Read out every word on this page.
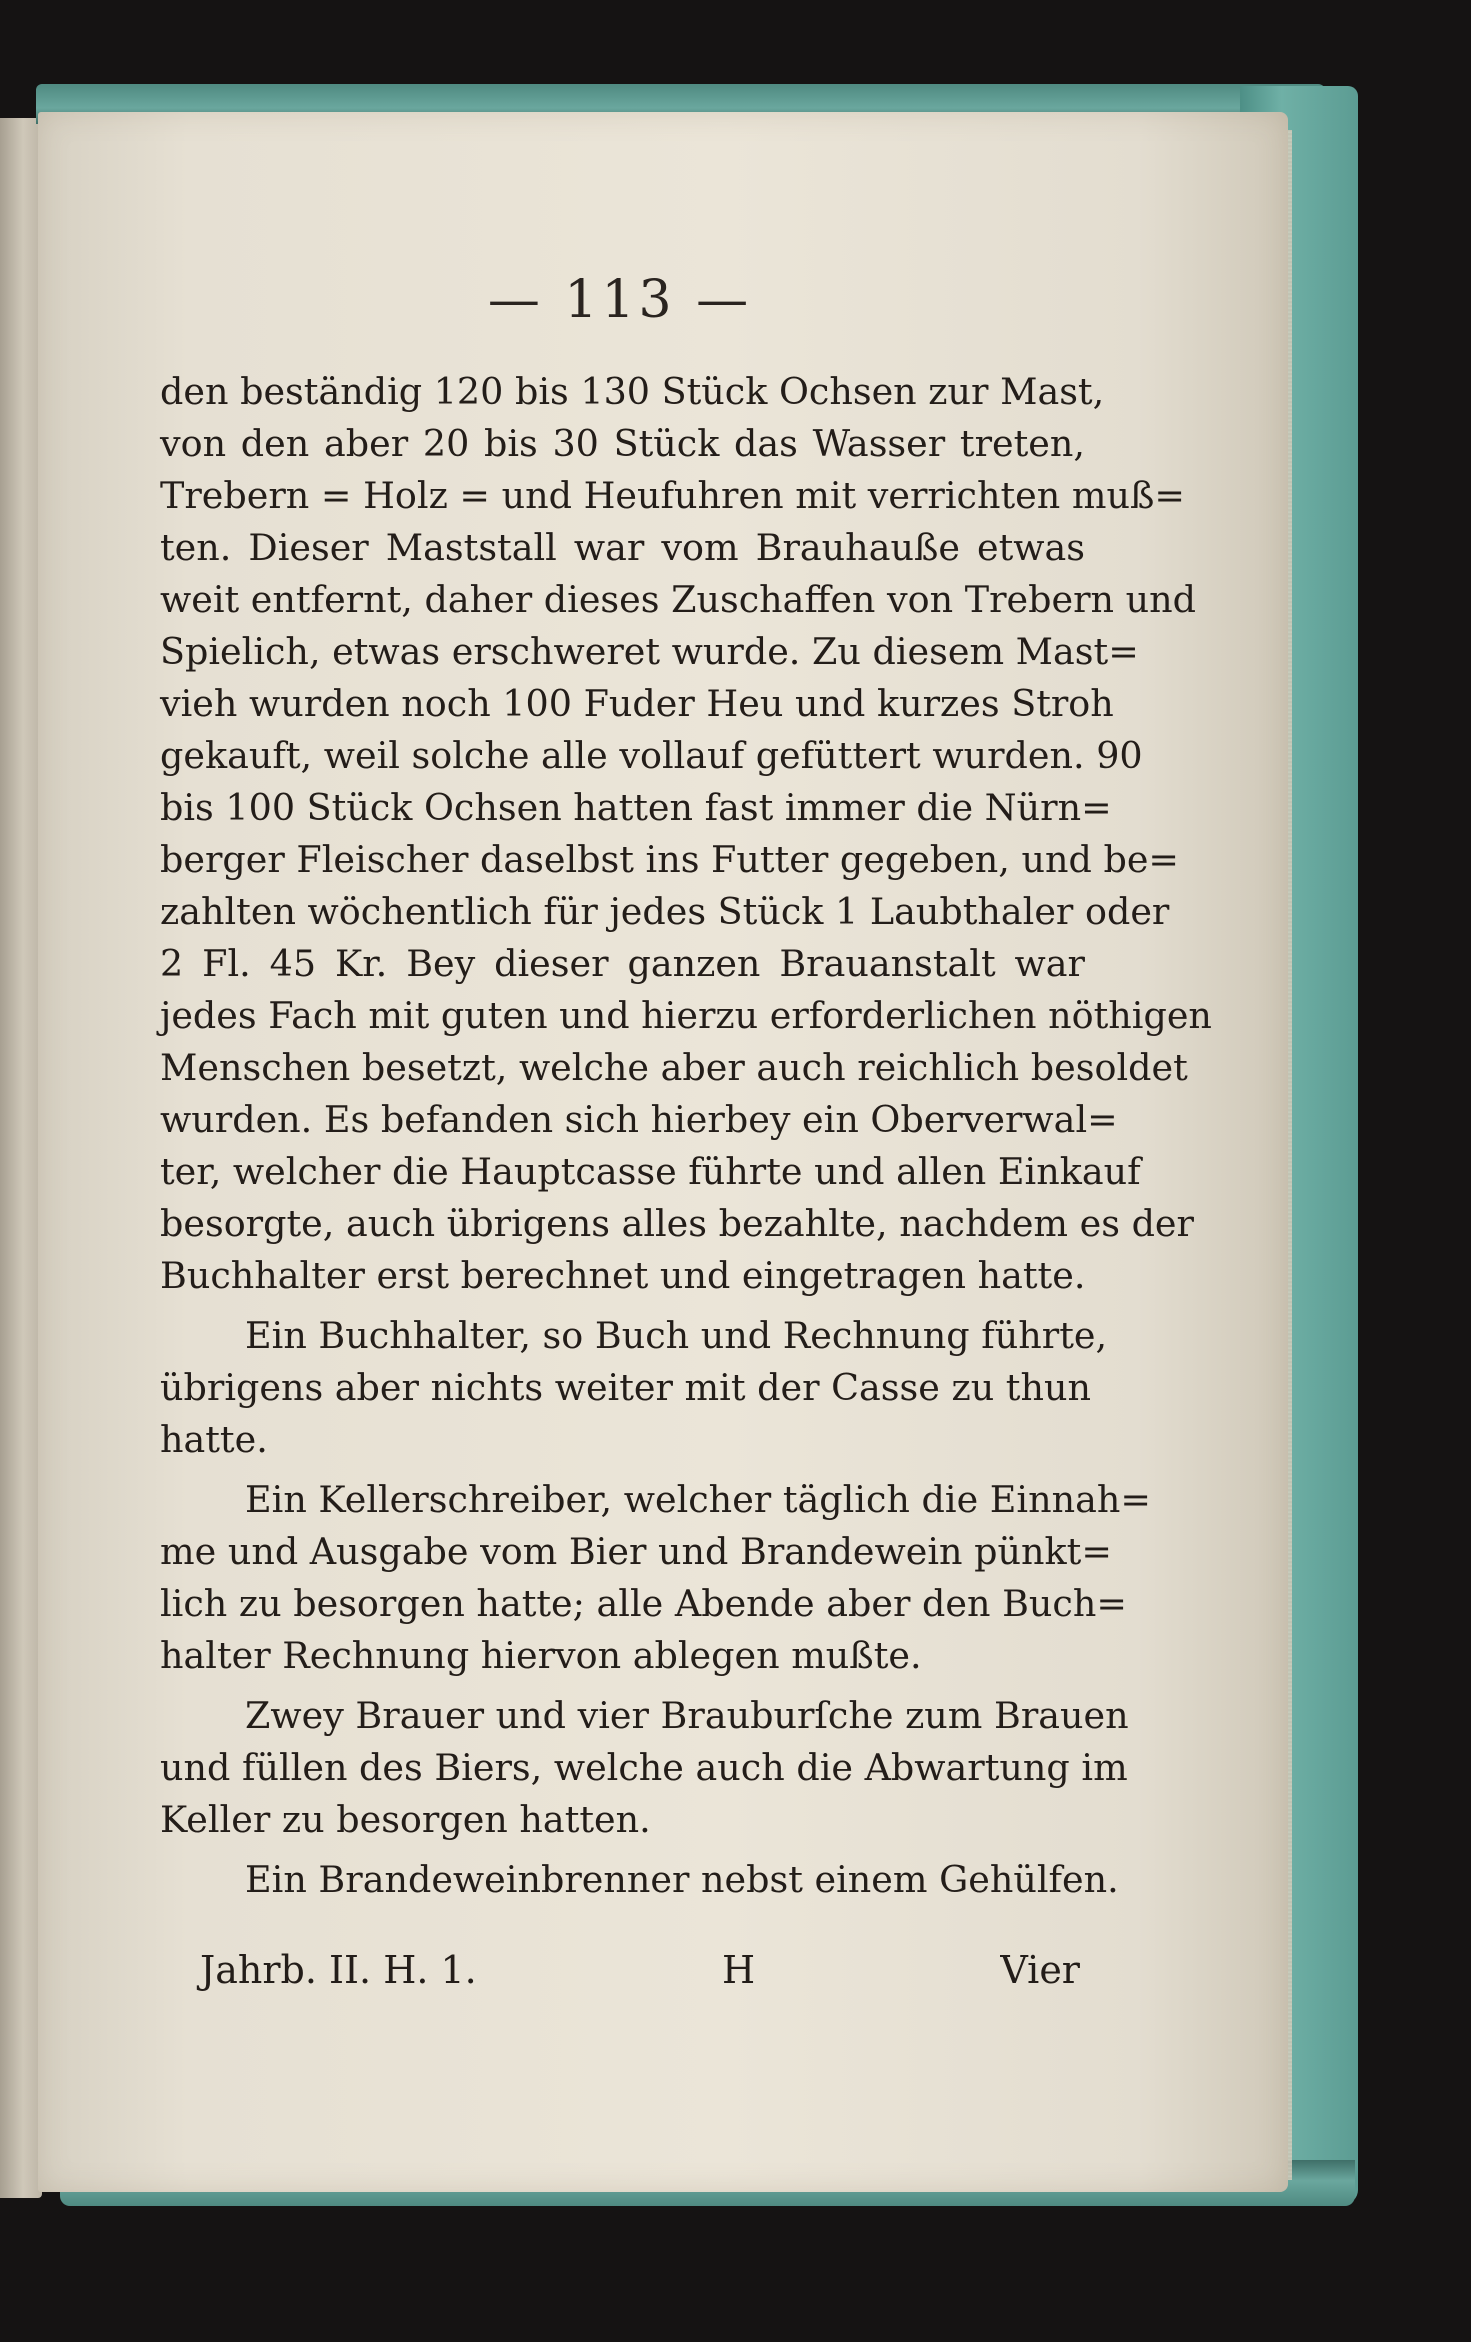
— 113 —
den beständig 120 bis 130 Stück Ochsen zur Mast,
von den aber 20 bis 30 Stück das Wasser treten,
Trebern = Holz = und Heufuhren mit verrichten muß=
ten. Dieser Maststall war vom Brauhauße etwas
weit entfernt, daher dieses Zuschaffen von Trebern und
Spielich, etwas erschweret wurde. Zu diesem Mast=
vieh wurden noch 100 Fuder Heu und kurzes Stroh
gekauft, weil solche alle vollauf gefüttert wurden. 90
bis 100 Stück Ochsen hatten fast immer die Nürn=
berger Fleischer daselbst ins Futter gegeben, und be=
zahlten wöchentlich für jedes Stück 1 Laubthaler oder
2 Fl. 45 Kr. Bey dieser ganzen Brauanstalt war
jedes Fach mit guten und hierzu erforderlichen nöthigen
Menschen besetzt, welche aber auch reichlich besoldet
wurden. Es befanden sich hierbey ein Oberverwal=
ter, welcher die Hauptcasse führte und allen Einkauf
besorgte, auch übrigens alles bezahlte, nachdem es der
Buchhalter erst berechnet und eingetragen hatte.
Ein Buchhalter, so Buch und Rechnung führte,
übrigens aber nichts weiter mit der Casse zu thun
hatte.
Ein Kellerschreiber, welcher täglich die Einnah=
me und Ausgabe vom Bier und Brandewein pünkt=
lich zu besorgen hatte; alle Abende aber den Buch=
halter Rechnung hiervon ablegen mußte.
Zwey Brauer und vier Brauburſche zum Brauen
und füllen des Biers, welche auch die Abwartung im
Keller zu besorgen hatten.
Ein Brandeweinbrenner nebst einem Gehülfen.
Jahrb. II. H. 1.	H	Vier
